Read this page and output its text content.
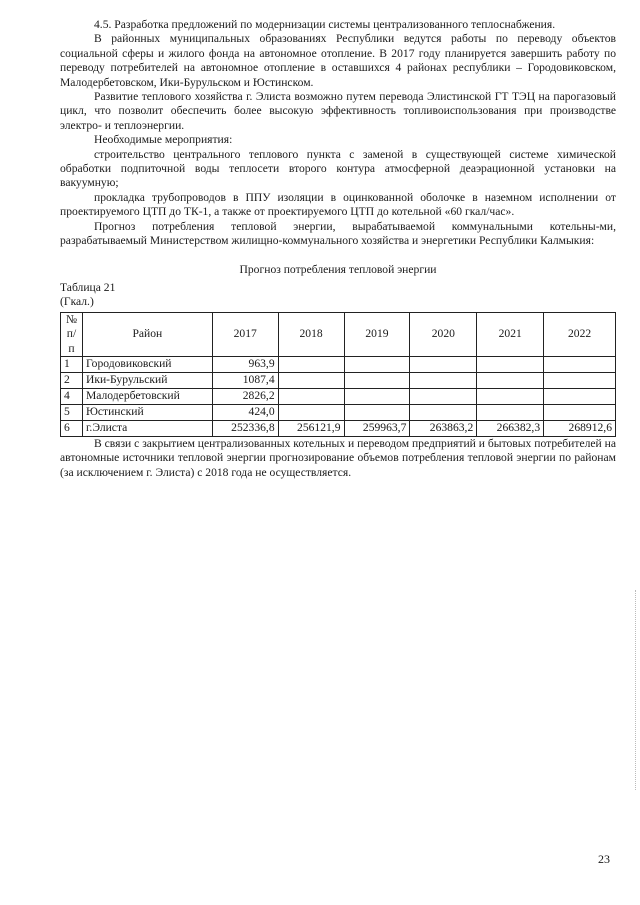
4.5. Разработка предложений по модернизации системы централизованного теплоснабжения.

В районных муниципальных образованиях Республики ведутся работы по переводу объектов социальной сферы и жилого фонда на автономное отопление. В 2017 году планируется завершить работу по переводу потребителей на автономное отопление в оставшихся 4 районах республики – Городовиковском, Малодербетовском, Ики-Бурульском и Юстинском.

Развитие теплового хозяйства г. Элиста возможно путем перевода Элистинской ГТ ТЭЦ на парогазовый цикл, что позволит обеспечить более высокую эффективность топливоиспользования при производстве электро- и теплоэнергии.

Необходимые мероприятия:

строительство центрального теплового пункта с заменой в существующей системе химической обработки подпиточной воды теплосети второго контура атмосферной деаэрационной установки на вакуумную;

прокладка трубопроводов в ППУ изоляции в оцинкованной оболочке в наземном исполнении от проектируемого ЦТП до ТК-1, а также от проектируемого ЦТП до котельной «60 гкал/час».

Прогноз потребления тепловой энергии, вырабатываемой коммунальными котельны-ми, разрабатываемый Министерством жилищно-коммунального хозяйства и энергетики Республики Калмыкия:

Прогноз потребления тепловой энергии

Таблица 21

(Гкал.)

№ п/п	Район	2017	2018	2019	2020	2021	2022
1	Городовиковский	963,9					
2	Ики-Бурульский	1087,4					
4	Малодербетовский	2826,2					
5	Юстинский	424,0					
6	г.Элиста	252336,8	256121,9	259963,7	263863,2	266382,3	268912,6

В связи с закрытием централизованных котельных и переводом предприятий и бытовых потребителей на автономные источники тепловой энергии прогнозирование объемов потребления тепловой энергии по районам (за исключением г. Элиста) с 2018 года не осуществляется.

23
